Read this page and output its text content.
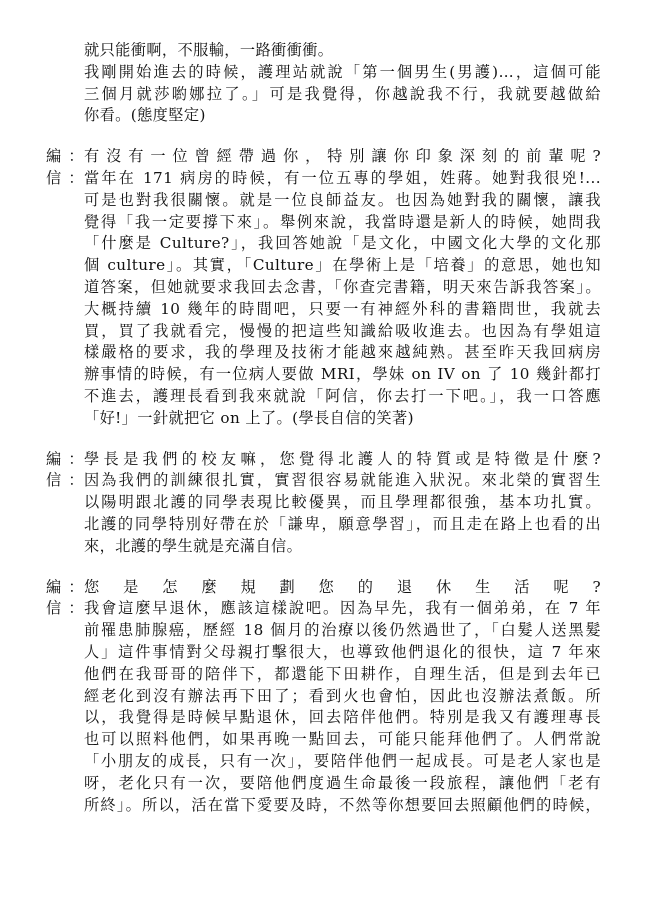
就只能衝啊，不服輸，一路衝衝衝。
我剛開始進去的時候，護理站就說「第一個男生(男護)…，這個可能
三個月就莎喲娜拉了。」可是我覺得，你越說我不行，我就要越做給
你看。(態度堅定)
編： 有沒有一位曾經帶過你，特別讓你印象深刻的前輩呢?
信： 當年在 171 病房的時候，有一位五專的學姐，姓蔣。她對我很兇!...
可是也對我很關懷。就是一位良師益友。也因為她對我的關懷，讓我
覺得「我一定要撐下來」。舉例來說，我當時還是新人的時候，她問我
「什麼是 Culture?」，我回答她說「是文化，中國文化大學的文化那
個 culture」。其實，「Culture」在學術上是「培養」的意思，她也知
道答案，但她就要求我回去念書，「你查完書籍，明天來告訴我答案」。
大概持續 10 幾年的時間吧，只要一有神經外科的書籍問世，我就去
買，買了我就看完，慢慢的把這些知識給吸收進去。也因為有學姐這
樣嚴格的要求，我的學理及技術才能越來越純熟。甚至昨天我回病房
辦事情的時候，有一位病人要做 MRI，學妹 on IV on 了 10 幾針都打
不進去，護理長看到我來就說「阿信，你去打一下吧。」，我一口答應
「好!」一針就把它 on 上了。(學長自信的笑著)
編： 學長是我們的校友嘛，您覺得北護人的特質或是特徵是什麼?
信： 因為我們的訓練很扎實，實習很容易就能進入狀況。來北榮的實習生
以陽明跟北護的同學表現比較優異，而且學理都很強，基本功扎實。
北護的同學特別好帶在於「謙卑，願意學習」，而且走在路上也看的出
來，北護的學生就是充滿自信。
編： 您是怎麼規劃您的退休生活呢?
信： 我會這麼早退休，應該這樣說吧。因為早先，我有一個弟弟，在 7 年
前罹患肺腺癌，歷經 18 個月的治療以後仍然過世了，「白髮人送黑髮
人」這件事情對父母親打擊很大，也導致他們退化的很快，這 7 年來
他們在我哥哥的陪伴下，都還能下田耕作，自理生活，但是到去年已
經老化到沒有辦法再下田了；看到火也會怕，因此也沒辦法煮飯。所
以，我覺得是時候早點退休，回去陪伴他們。特別是我又有護理專長
也可以照料他們，如果再晚一點回去，可能只能拜他們了。人們常說
「小朋友的成長，只有一次」，要陪伴他們一起成長。可是老人家也是
呀，老化只有一次，要陪他們度過生命最後一段旅程，讓他們「老有
所終」。所以，活在當下愛要及時，不然等你想要回去照顧他們的時候，
